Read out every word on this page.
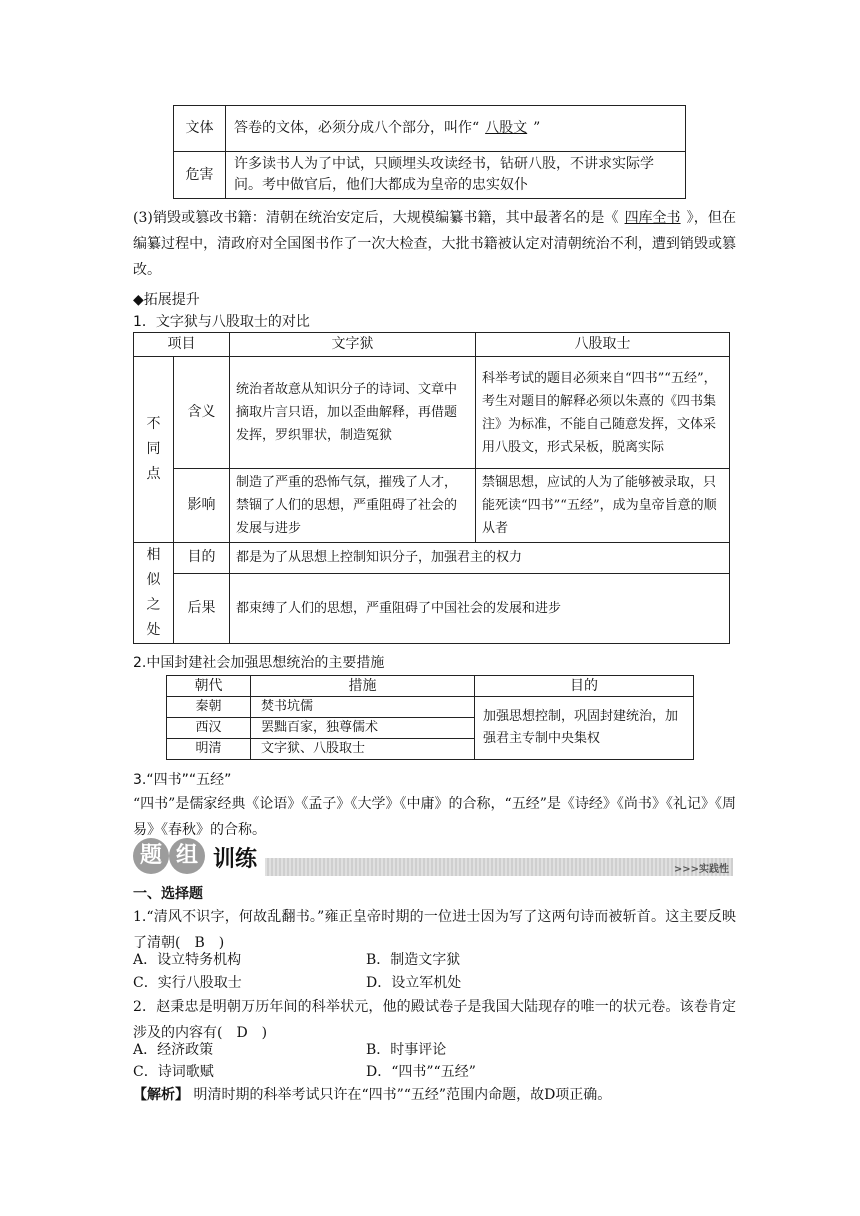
文体	答卷的文体，必须分成八个部分，叫作“ 八股文 ”
危害	许多读书人为了中试，只顾埋头攻读经书，钻研八股，不讲求实际学问。考中做官后，他们大都成为皇帝的忠实奴仆

(3)销毁或篡改书籍：清朝在统治安定后，大规模编纂书籍，其中最著名的是《 四库全书 》，但在编纂过程中，清政府对全国图书作了一次大检查，大批书籍被认定对清朝统治不利，遭到销毁或篡改。

◆拓展提升
1．文字狱与八股取士的对比
项目		文字狱	八股取士

不同点	含义	统治者故意从知识分子的诗词、文章中摘取片言只语，加以歪曲解释，再借题发挥，罗织罪状，制造冤狱	科举考试的题目必须来自“四书”“五经”，考生对题目的解释必须以朱熹的《四书集注》为标准，不能自己随意发挥，文体采用八股文，形式呆板，脱离实际
	影响	制造了严重的恐怖气氛，摧残了人才，禁锢了人们的思想，严重阻碍了社会的发展与进步	禁锢思想，应试的人为了能够被录取，只能死读“四书”“五经”，成为皇帝旨意的顺从者

相似之处	目的	都是为了从思想上控制知识分子，加强君主的权力	
	后果	都束缚了人们的思想，严重阻碍了中国社会的发展和进步	
2.中国封建社会加强思想统治的主要措施
朝代	措施	目的
秦朝	焚书坑儒	加强思想控制，巩固封建统治，加强君主专制中央集权
西汉	罢黜百家，独尊儒术	
明清	文字狱、八股取士	
3.“四书”“五经”

“四书”是儒家经典《论语》《孟子》《大学》《中庸》的合称，“五经”是《诗经》《尚书》《礼记》《周易》《春秋》的合称。

题 组 训练	>>>实践性
一、选择题

1.“清风不识字，何故乱翻书。”雍正皇帝时期的一位进士因为写了这两句诗而被斩首。这主要反映了清朝(　B　)

A．设立特务机构	B．制造文字狱
C．实行八股取士	D．设立军机处

2．赵秉忠是明朝万历年间的科举状元，他的殿试卷子是我国大陆现存的唯一的状元卷。该卷肯定涉及的内容有(　D　)

A．经济政策	B．时事评论
C．诗词歌赋	D．“四书”“五经”
【解析】 明清时期的科举考试只许在“四书”“五经”范围内命题，故D项正确。
